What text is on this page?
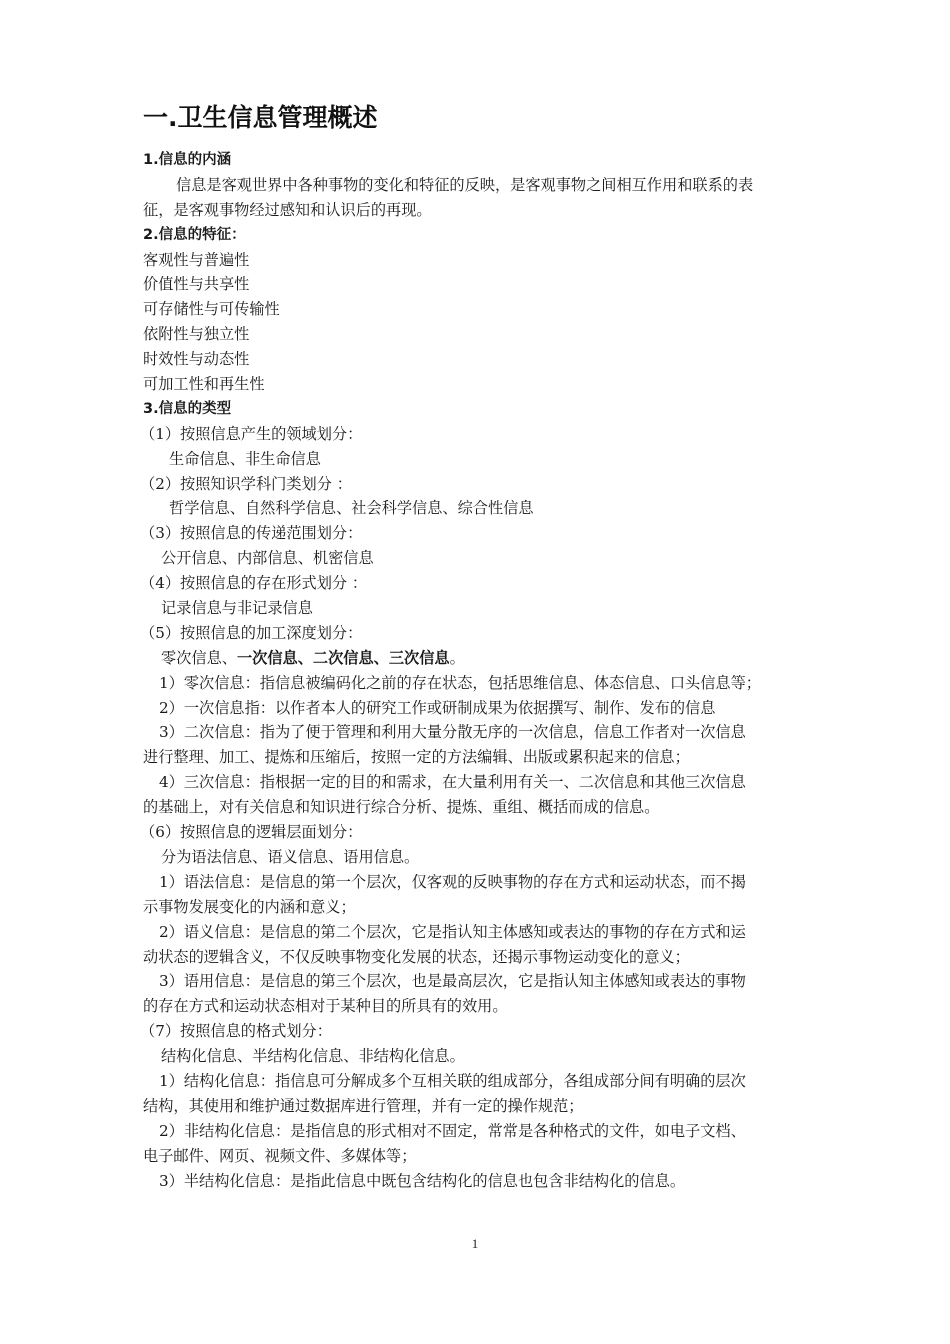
一.卫生信息管理概述
1.信息的内涵
信息是客观世界中各种事物的变化和特征的反映，是客观事物之间相互作用和联系的表
征，是客观事物经过感知和认识后的再现。
2.信息的特征：
客观性与普遍性
价值性与共享性
可存储性与可传输性
依附性与独立性
时效性与动态性
可加工性和再生性
3.信息的类型
（1）按照信息产生的领域划分：
生命信息、非生命信息
（2）按照知识学科门类划分 ：
哲学信息、自然科学信息、社会科学信息、综合性信息
（3）按照信息的传递范围划分：
公开信息、内部信息、机密信息
（4）按照信息的存在形式划分 ：
记录信息与非记录信息
（5）按照信息的加工深度划分：
零次信息、一次信息、二次信息、三次信息。
1）零次信息：指信息被编码化之前的存在状态，包括思维信息、体态信息、口头信息等；
2）一次信息指：以作者本人的研究工作或研制成果为依据撰写、制作、发布的信息
3）二次信息：指为了便于管理和利用大量分散无序的一次信息，信息工作者对一次信息
进行整理、加工、提炼和压缩后，按照一定的方法编辑、出版或累积起来的信息；
4）三次信息：指根据一定的目的和需求，在大量利用有关一、二次信息和其他三次信息
的基础上，对有关信息和知识进行综合分析、提炼、重组、概括而成的信息。
（6）按照信息的逻辑层面划分：
分为语法信息、语义信息、语用信息。
1）语法信息：是信息的第一个层次，仅客观的反映事物的存在方式和运动状态，而不揭
示事物发展变化的内涵和意义；
2）语义信息：是信息的第二个层次，它是指认知主体感知或表达的事物的存在方式和运
动状态的逻辑含义，不仅反映事物变化发展的状态，还揭示事物运动变化的意义；
3）语用信息：是信息的第三个层次，也是最高层次，它是指认知主体感知或表达的事物
的存在方式和运动状态相对于某种目的所具有的效用。
（7）按照信息的格式划分：
结构化信息、半结构化信息、非结构化信息。
1）结构化信息：指信息可分解成多个互相关联的组成部分，各组成部分间有明确的层次
结构，其使用和维护通过数据库进行管理，并有一定的操作规范；
2）非结构化信息：是指信息的形式相对不固定，常常是各种格式的文件，如电子文档、
电子邮件、网页、视频文件、多媒体等；
3）半结构化信息：是指此信息中既包含结构化的信息也包含非结构化的信息。
1
